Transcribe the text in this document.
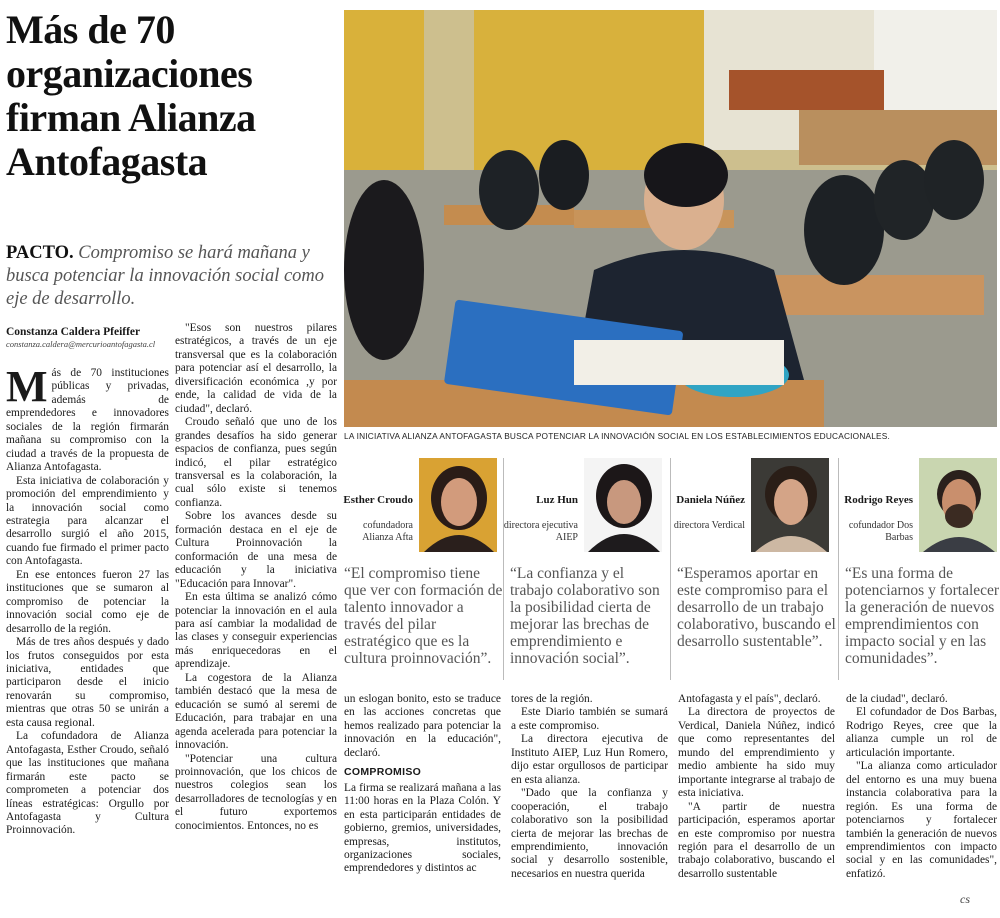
Más de 70 organizaciones firman Alianza Antofagasta
PACTO. Compromiso se hará mañana y busca potenciar la innovación social como eje de desarrollo.
Constanza Caldera Pfeiffer
constanza.caldera@mercurioantofagasta.cl

Más de 70 instituciones públicas y privadas, además de emprendedores e innovadores sociales de la región firmarán mañana su compromiso con la ciudad a través de la propuesta de Alianza Antofagasta.

Esta iniciativa de colaboración y promoción del emprendimiento y la innovación social como estrategia para alcanzar el desarrollo surgió el año 2015, cuando fue firmado el primer pacto con Antofagasta.

En ese entonces fueron 27 las instituciones que se sumaron al compromiso de potenciar la innovación social como eje de desarrollo de la región.

Más de tres años después y dado los frutos conseguidos por esta iniciativa, entidades que participaron desde el inicio renovarán su compromiso, mientras que otras 50 se unirán a esta causa regional.

La cofundadora de Alianza Antofagasta, Esther Croudo, señaló que las instituciones que mañana firmarán este pacto se comprometen a potenciar dos líneas estratégicas: Orgullo por Antofagasta y Cultura Proinnovación.

"Esos son nuestros pilares estratégicos, a través de un eje transversal que es la colaboración para potenciar así el desarrollo, la diversificación económica ,y por ende, la calidad de vida de la ciudad", declaró.

Croudo señaló que uno de los grandes desafíos ha sido generar espacios de confianza, pues según indicó, el pilar estratégico transversal es la colaboración, la cual sólo existe si tenemos confianza.

Sobre los avances desde su formación destaca en el eje de Cultura Proinnovación la conformación de una mesa de educación y la iniciativa "Educación para Innovar".

En esta última se analizó cómo potenciar la innovación en el aula para así cambiar la modalidad de las clases y conseguir experiencias más enriquecedoras en el aprendizaje.

La cogestora de la Alianza también destacó que la mesa de educación se sumó al seremi de Educación, para trabajar en una agenda acelerada para potenciar la innovación.

"Potenciar una cultura proinnovación, que los chicos de nuestros colegios sean los desarrolladores de tecnologías y en el futuro exportemos conocimientos. Entonces, no es

LA INICIATIVA ALIANZA ANTOFAGASTA BUSCA POTENCIAR LA INNOVACIÓN SOCIAL EN LOS ESTABLECIMIENTOS EDUCACIONALES.
Esther Croudo
cofundadora Alianza Afta
Luz Hun
directora ejecutiva AIEP
Daniela Núñez
directora Verdical
Rodrigo Reyes
cofundador Dos Barbas
“El compromiso tiene que ver con formación de talento innovador a través del pilar estratégico que es la cultura proinnovación”.
“La confianza y el trabajo colaborativo son la posibilidad cierta de mejorar las brechas de emprendimiento e innovación social”.
“Esperamos aportar en este compromiso para el desarrollo de un trabajo colaborativo, buscando el desarrollo sustentable”.
“Es una forma de potenciarnos y fortalecer la generación de nuevos emprendimientos con impacto social y en las comunidades”.

un eslogan bonito, esto se traduce en las acciones concretas que hemos realizado para potenciar la innovación en la educación", declaró.

COMPROMISO

La firma se realizará mañana a las 11:00 horas en la Plaza Colón. Y en esta participarán entidades de gobierno, gremios, universidades, empresas, institutos, organizaciones sociales, emprendedores y distintos ac

tores de la región.

Este Diario también se sumará a este compromiso.

La directora ejecutiva de Instituto AIEP, Luz Hun Romero, dijo estar orgullosos de participar en esta alianza.

"Dado que la confianza y cooperación, el trabajo colaborativo son la posibilidad cierta de mejorar las brechas de emprendimiento, innovación social y desarrollo sostenible, necesarios en nuestra querida

Antofagasta y el país", declaró.

La directora de proyectos de Verdical, Daniela Núñez, indicó que como representantes del mundo del emprendimiento y medio ambiente ha sido muy importante integrarse al trabajo de esta iniciativa.

"A partir de nuestra participación, esperamos aportar en este compromiso por nuestra región para el desarrollo de un trabajo colaborativo, buscando el desarrollo sustentable

de la ciudad", declaró.

El cofundador de Dos Barbas, Rodrigo Reyes, cree que la alianza cumple un rol de articulación importante.

"La alianza como articulador del entorno es una muy buena instancia colaborativa para la región. Es una forma de potenciarnos y fortalecer también la generación de nuevos emprendimientos con impacto social y en las comunidades", enfatizó.

cs
